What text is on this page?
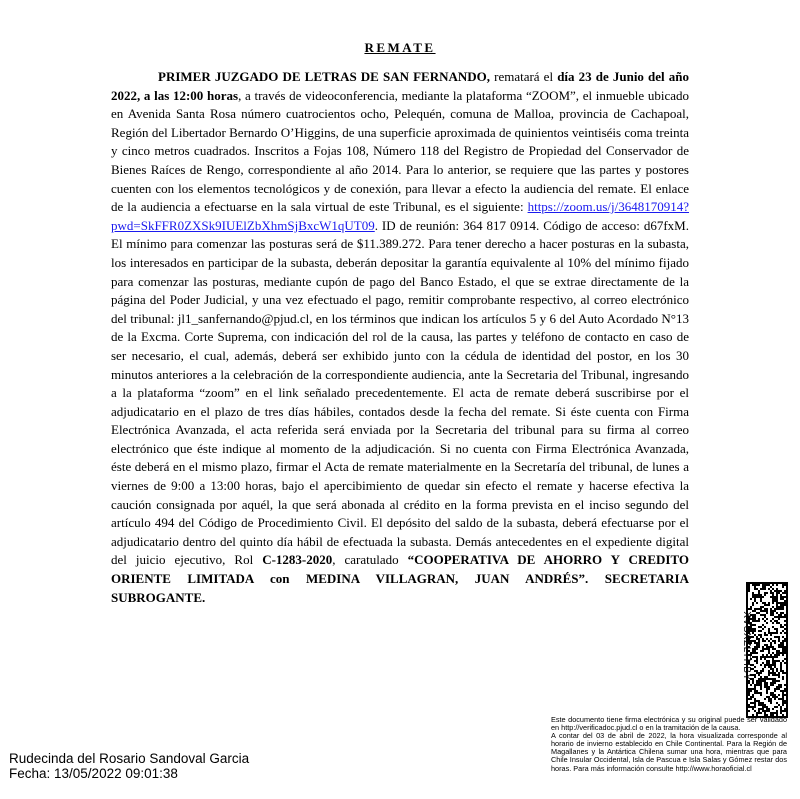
REMATE
PRIMER JUZGADO DE LETRAS DE SAN FERNANDO, rematará el día 23 de Junio del año 2022, a las 12:00 horas, a través de videoconferencia, mediante la plataforma “ZOOM”, el inmueble ubicado en Avenida Santa Rosa número cuatrocientos ocho, Pelequén, comuna de Malloa, provincia de Cachapoal, Región del Libertador Bernardo O’Higgins, de una superficie aproximada de quinientos veintiséis coma treinta y cinco metros cuadrados. Inscritos a Fojas 108, Número 118 del Registro de Propiedad del Conservador de Bienes Raíces de Rengo, correspondiente al año 2014. Para lo anterior, se requiere que las partes y postores cuenten con los elementos tecnológicos y de conexión, para llevar a efecto la audiencia del remate. El enlace de la audiencia a efectuarse en la sala virtual de este Tribunal, es el siguiente: https://zoom.us/j/3648170914?pwd=SkFFR0ZXSk9IUElZbXhmSjBxcW1qUT09. ID de reunión: 364 817 0914. Código de acceso: d67fxM. El mínimo para comenzar las posturas será de $11.389.272. Para tener derecho a hacer posturas en la subasta, los interesados en participar de la subasta, deberán depositar la garantía equivalente al 10% del mínimo fijado para comenzar las posturas, mediante cupón de pago del Banco Estado, el que se extrae directamente de la página del Poder Judicial, y una vez efectuado el pago, remitir comprobante respectivo, al correo electrónico del tribunal: jl1_sanfernando@pjud.cl, en los términos que indican los artículos 5 y 6 del Auto Acordado N°13 de la Excma. Corte Suprema, con indicación del rol de la causa, las partes y teléfono de contacto en caso de ser necesario, el cual, además, deberá ser exhibido junto con la cédula de identidad del postor, en los 30 minutos anteriores a la celebración de la correspondiente audiencia, ante la Secretaria del Tribunal, ingresando a la plataforma “zoom” en el link señalado precedentemente. El acta de remate deberá suscribirse por el adjudicatario en el plazo de tres días hábiles, contados desde la fecha del remate. Si éste cuenta con Firma Electrónica Avanzada, el acta referida será enviada por la Secretaria del tribunal para su firma al correo electrónico que éste indique al momento de la adjudicación. Si no cuenta con Firma Electrónica Avanzada, éste deberá en el mismo plazo, firmar el Acta de remate materialmente en la Secretaría del tribunal, de lunes a viernes de 9:00 a 13:00 horas, bajo el apercibimiento de quedar sin efecto el remate y hacerse efectiva la caución consignada por aquél, la que será abonada al crédito en la forma prevista en el inciso segundo del artículo 494 del Código de Procedimiento Civil. El depósito del saldo de la subasta, deberá efectuarse por el adjudicatario dentro del quinto día hábil de efectuada la subasta. Demás antecedentes en el expediente digital del juicio ejecutivo, Rol C-1283-2020, caratulado “COOPERATIVA DE AHORRO Y CREDITO ORIENTE LIMITADA con MEDINA VILLAGRAN, JUAN ANDRÉS”. SECRETARIA SUBROGANTE.
XVSXZLTHBY
Rudecinda del Rosario Sandoval Garcia
Fecha: 13/05/2022 09:01:38

Este documento tiene firma electrónica y su original puede ser validado en http://verificadoc.pjud.cl o en la tramitación de la causa.

A contar del 03 de abril de 2022, la hora visualizada corresponde al horario de invierno establecido en Chile Continental. Para la Región de Magallanes y la Antártica Chilena sumar una hora, mientras que para Chile Insular Occidental, Isla de Pascua e Isla Salas y Gómez restar dos horas. Para más información consulte http://www.horaoficial.cl
